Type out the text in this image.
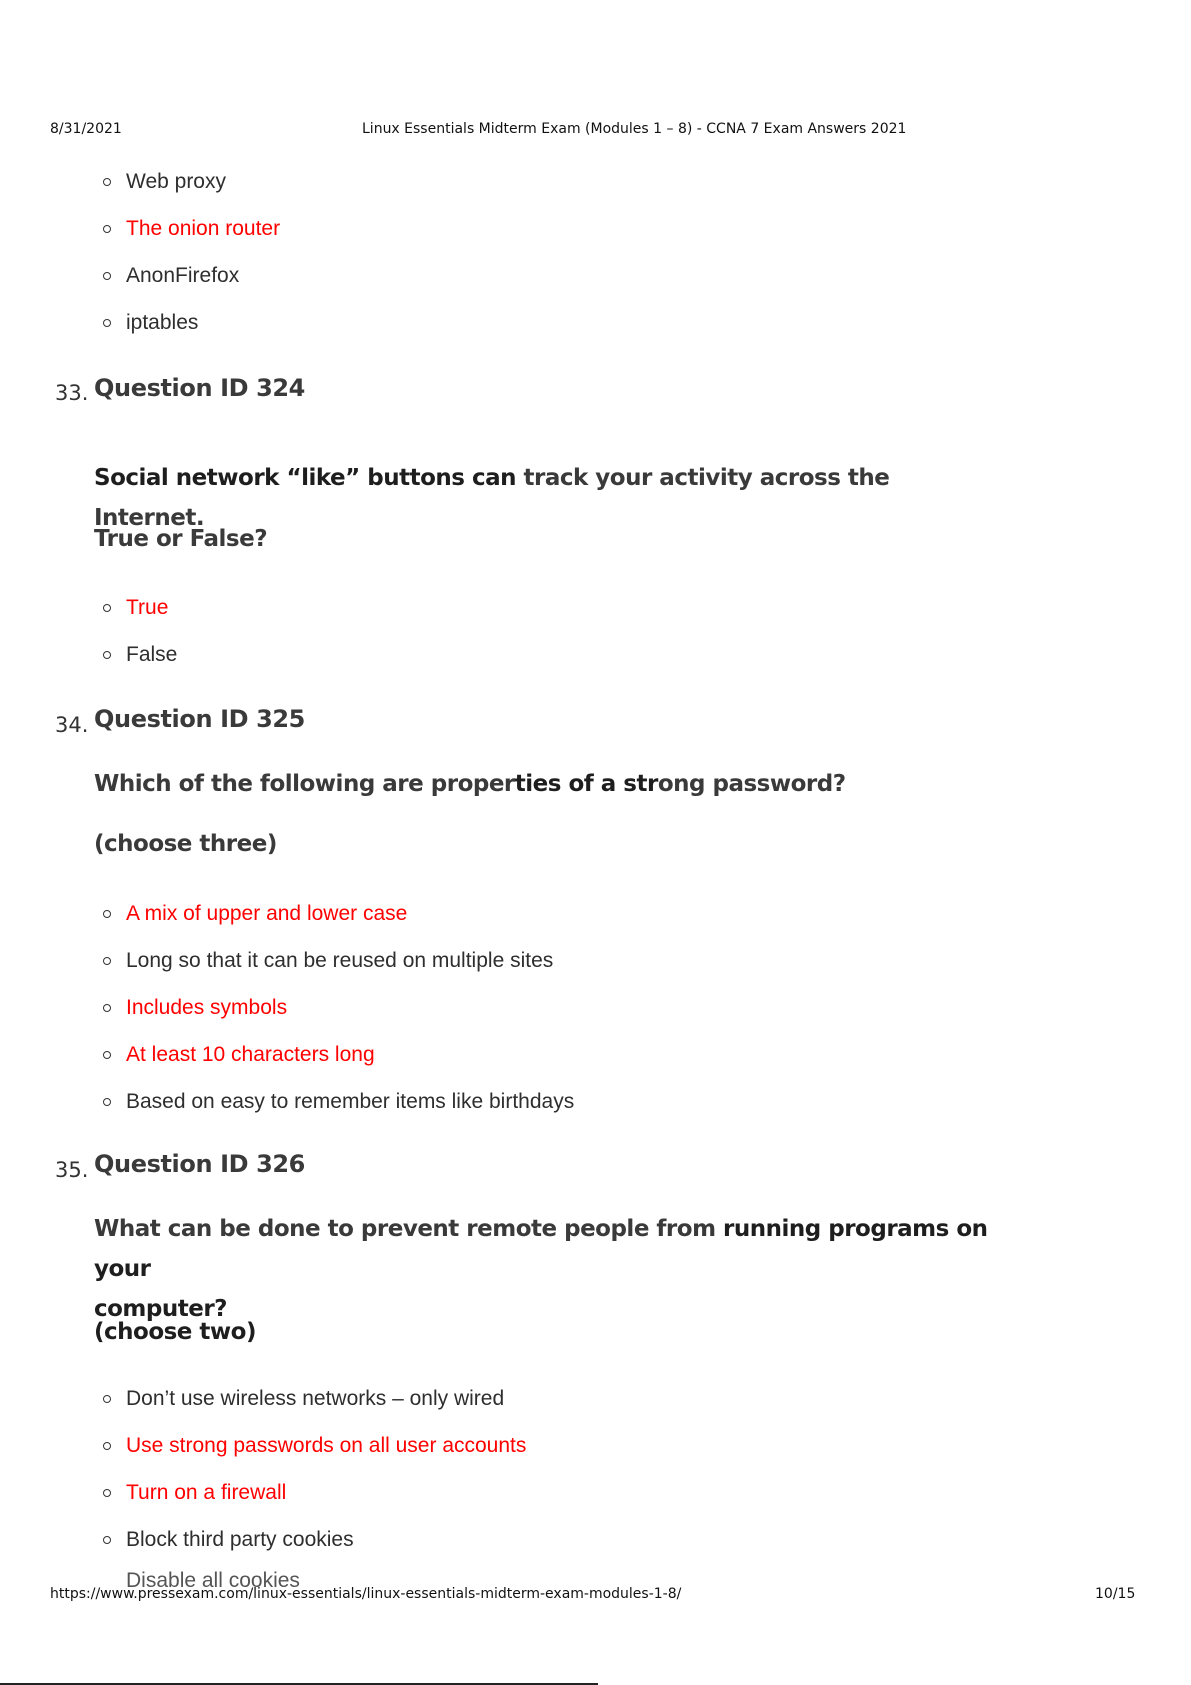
8/31/2021	Linux Essentials Midterm Exam (Modules 1 – 8) - CCNA 7 Exam Answers 2021
Web proxy
The onion router
AnonFirefox
iptables
33. Question ID 324
Social network “like” buttons can track your activity across the Internet.
True or False?
True
False
34. Question ID 325
Which of the following are properties of a strong password?
(choose three)
A mix of upper and lower case
Long so that it can be reused on multiple sites
Includes symbols
At least 10 characters long
Based on easy to remember items like birthdays
35. Question ID 326
What can be done to prevent remote people from running programs on your
computer?
(choose two)
Don’t use wireless networks – only wired
Use strong passwords on all user accounts
Turn on a firewall
Block third party cookies
Disable all cookies
https://www.pressexam.com/linux-essentials/linux-essentials-midterm-exam-modules-1-8/	10/15
